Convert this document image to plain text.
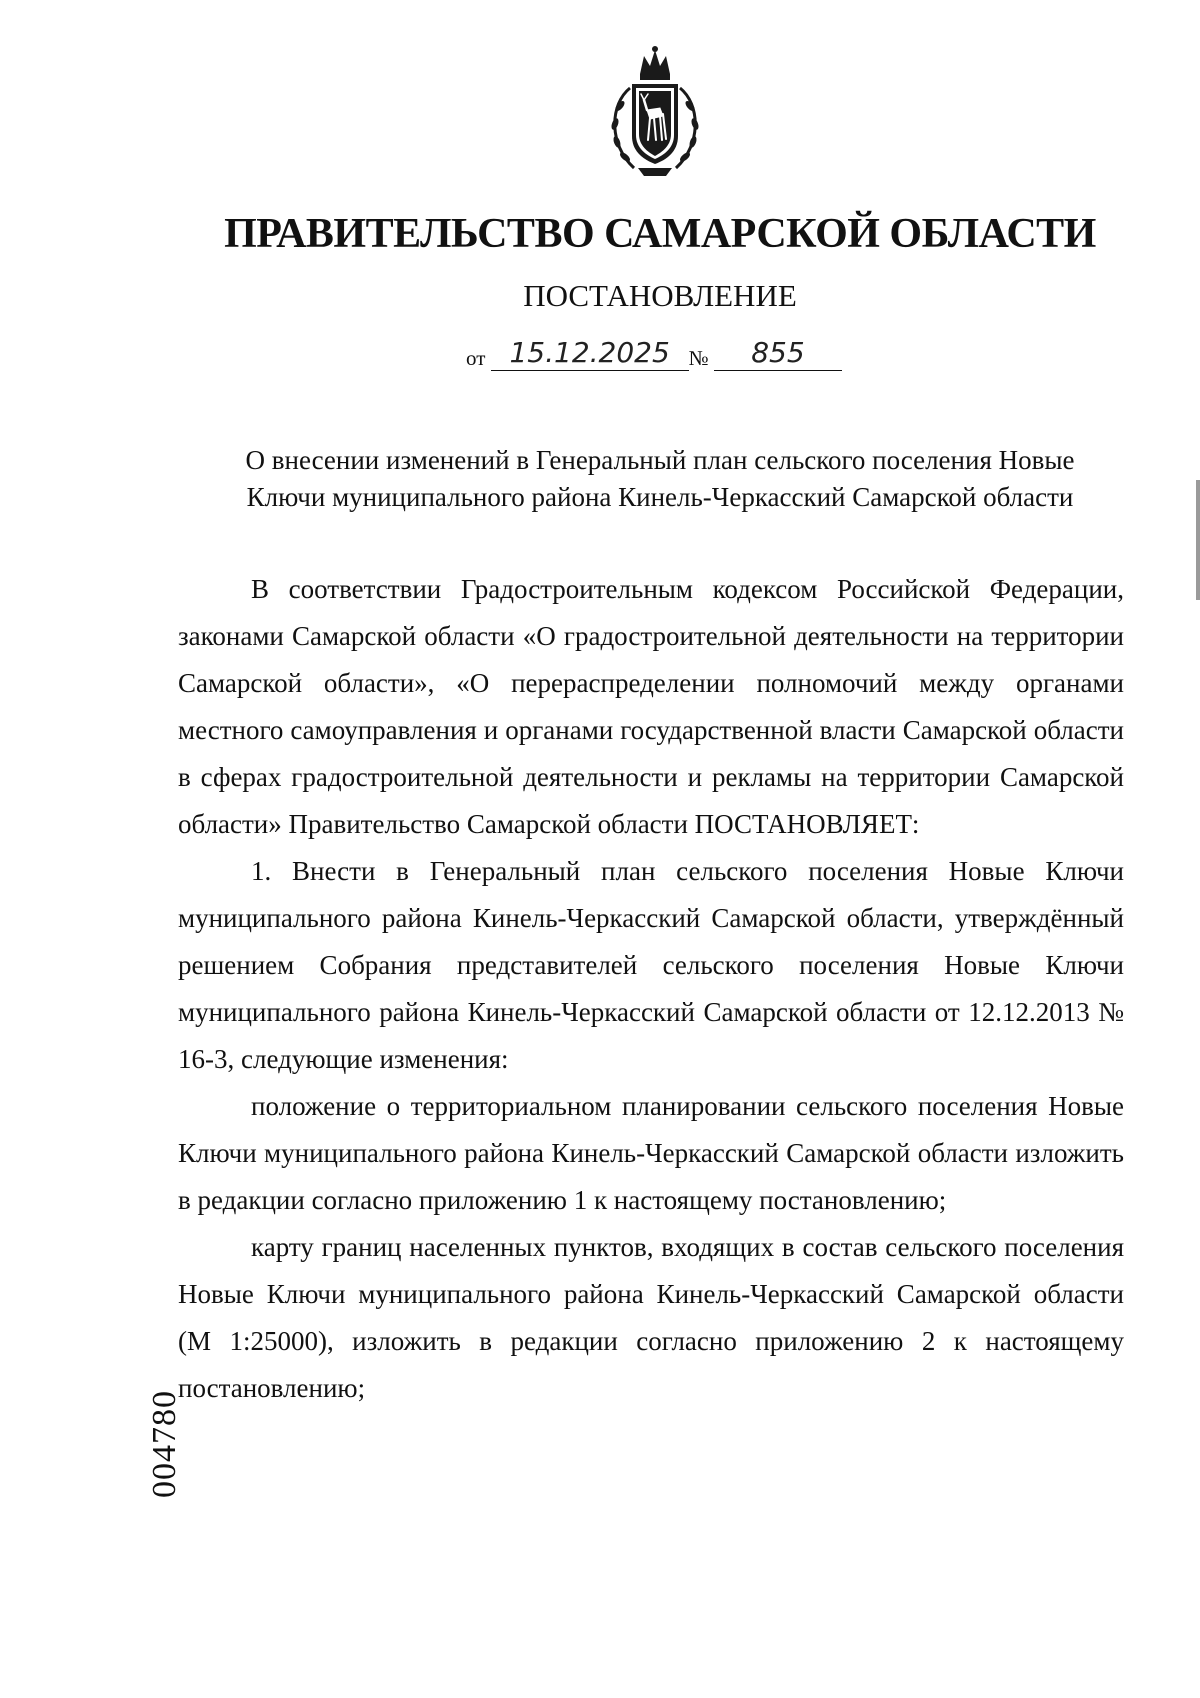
ПРАВИТЕЛЬСТВО САМАРСКОЙ ОБЛАСТИ
ПОСТАНОВЛЕНИЕ
от 15.12.2025 № 855
О внесении изменений в Генеральный план сельского поселения Новые
Ключи муниципального района Кинель-Черкасский Самарской области

В соответствии Градостроительным кодексом Российской Федерации, законами Самарской области «О градостроительной деятельности на территории Самарской области», «О перераспределении полномочий между органами местного самоуправления и органами государственной власти Самарской области в сферах градостроительной деятельности и рекламы на территории Самарской области» Правительство Самарской области ПОСТАНОВЛЯЕТ:

1. Внести в Генеральный план сельского поселения Новые Ключи муниципального района Кинель-Черкасский Самарской области, утверждённый решением Собрания представителей сельского поселения Новые Ключи муниципального района Кинель-Черкасский Самарской области от 12.12.2013 № 16-3, следующие изменения:

положение о территориальном планировании сельского поселения Новые Ключи муниципального района Кинель-Черкасский Самарской области изложить в редакции согласно приложению 1 к настоящему постановлению;

карту границ населенных пунктов, входящих в состав сельского поселения Новые Ключи муниципального района Кинель-Черкасский Самарской области (М 1:25000), изложить в редакции согласно приложению 2 к настоящему постановлению;

004780
